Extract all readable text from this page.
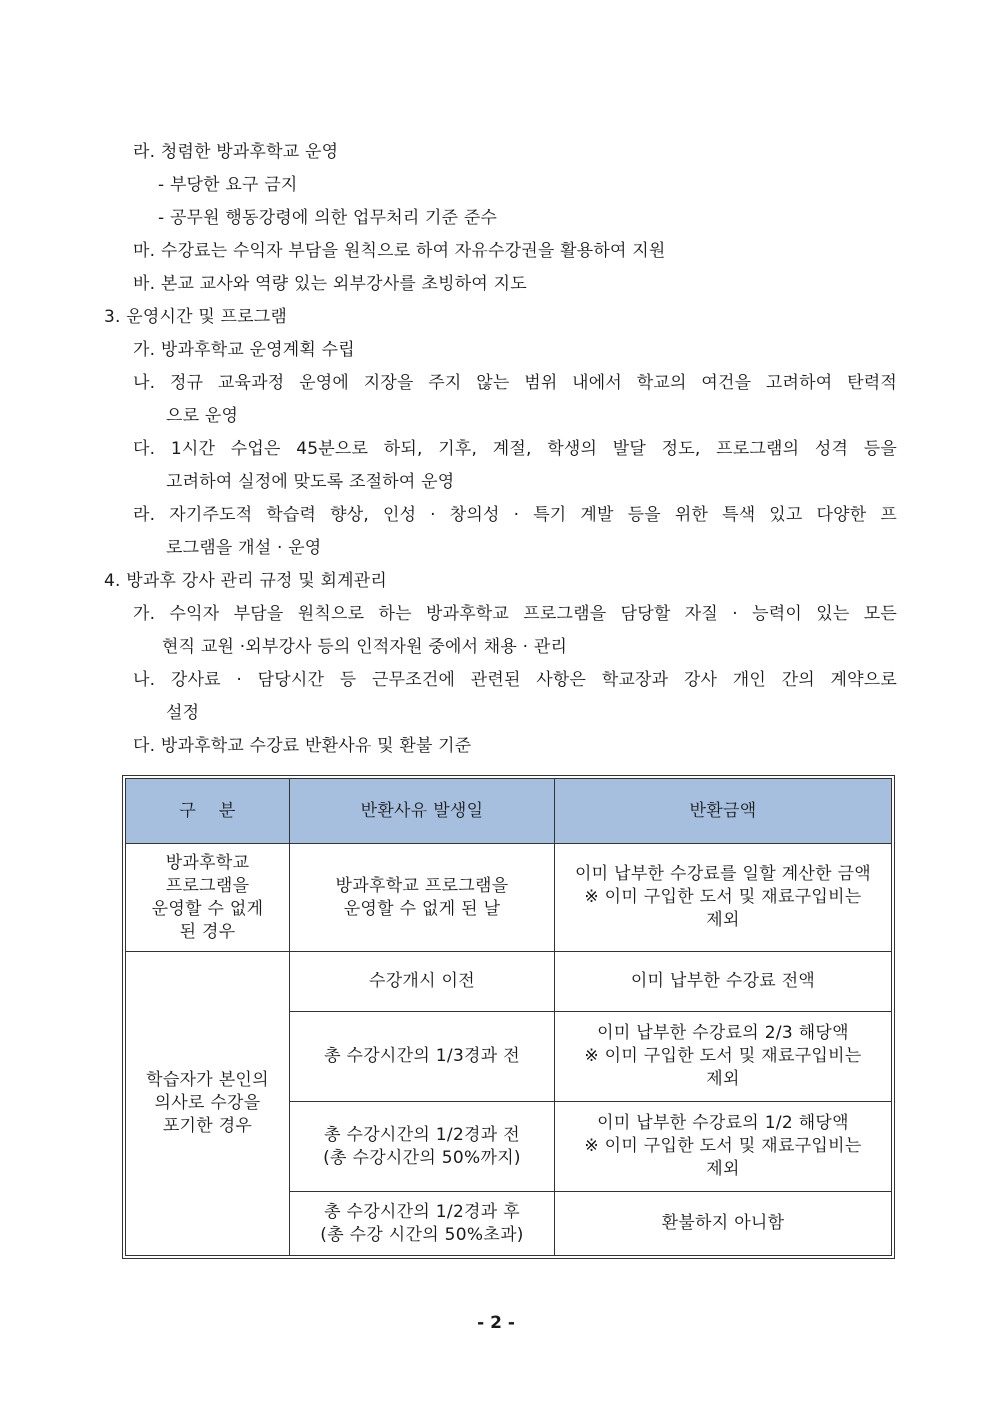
라. 청렴한 방과후학교 운영
- 부당한 요구 금지
- 공무원 행동강령에 의한 업무처리 기준 준수
마. 수강료는 수익자 부담을 원칙으로 하여 자유수강권을 활용하여 지원
바. 본교 교사와 역량 있는 외부강사를 초빙하여 지도
3. 운영시간 및 프로그램
가. 방과후학교 운영계획 수립
나. 정규 교육과정 운영에 지장을 주지 않는 범위 내에서 학교의 여건을 고려하여 탄력적
으로 운영
다. 1시간 수업은 45분으로 하되, 기후, 계절, 학생의 발달 정도, 프로그램의 성격 등을
고려하여 실정에 맞도록 조절하여 운영
라. 자기주도적 학습력 향상, 인성 · 창의성 · 특기 계발 등을 위한 특색 있고 다양한 프
로그램을 개설 · 운영
4. 방과후 강사 관리 규정 및 회계관리
가. 수익자 부담을 원칙으로 하는 방과후학교 프로그램을 담당할 자질 · 능력이 있는 모든
현직 교원 ·외부강사 등의 인적자원 중에서 채용 · 관리
나. 강사료 · 담당시간 등 근무조건에 관련된 사항은 학교장과 강사 개인 간의 계약으로
설정
다. 방과후학교 수강료 반환사유 및 환불 기준
구    분	반환사유 발생일	반환금액
방과후학교
프로그램을
운영할 수 없게
된 경우	방과후학교 프로그램을
운영할 수 없게 된 날	이미 납부한 수강료를 일할 계산한 금액
※ 이미 구입한 도서 및 재료구입비는
제외
학습자가 본인의
의사로 수강을
포기한 경우	수강개시 이전	이미 납부한 수강료 전액
	총 수강시간의 1/3경과 전	이미 납부한 수강료의 2/3 해당액
※ 이미 구입한 도서 및 재료구입비는
제외
	총 수강시간의 1/2경과 전
(총 수강시간의 50%까지)	이미 납부한 수강료의 1/2 해당액
※ 이미 구입한 도서 및 재료구입비는
제외
	총 수강시간의 1/2경과 후
(총 수강 시간의 50%초과)	환불하지 아니함
- 2 -
